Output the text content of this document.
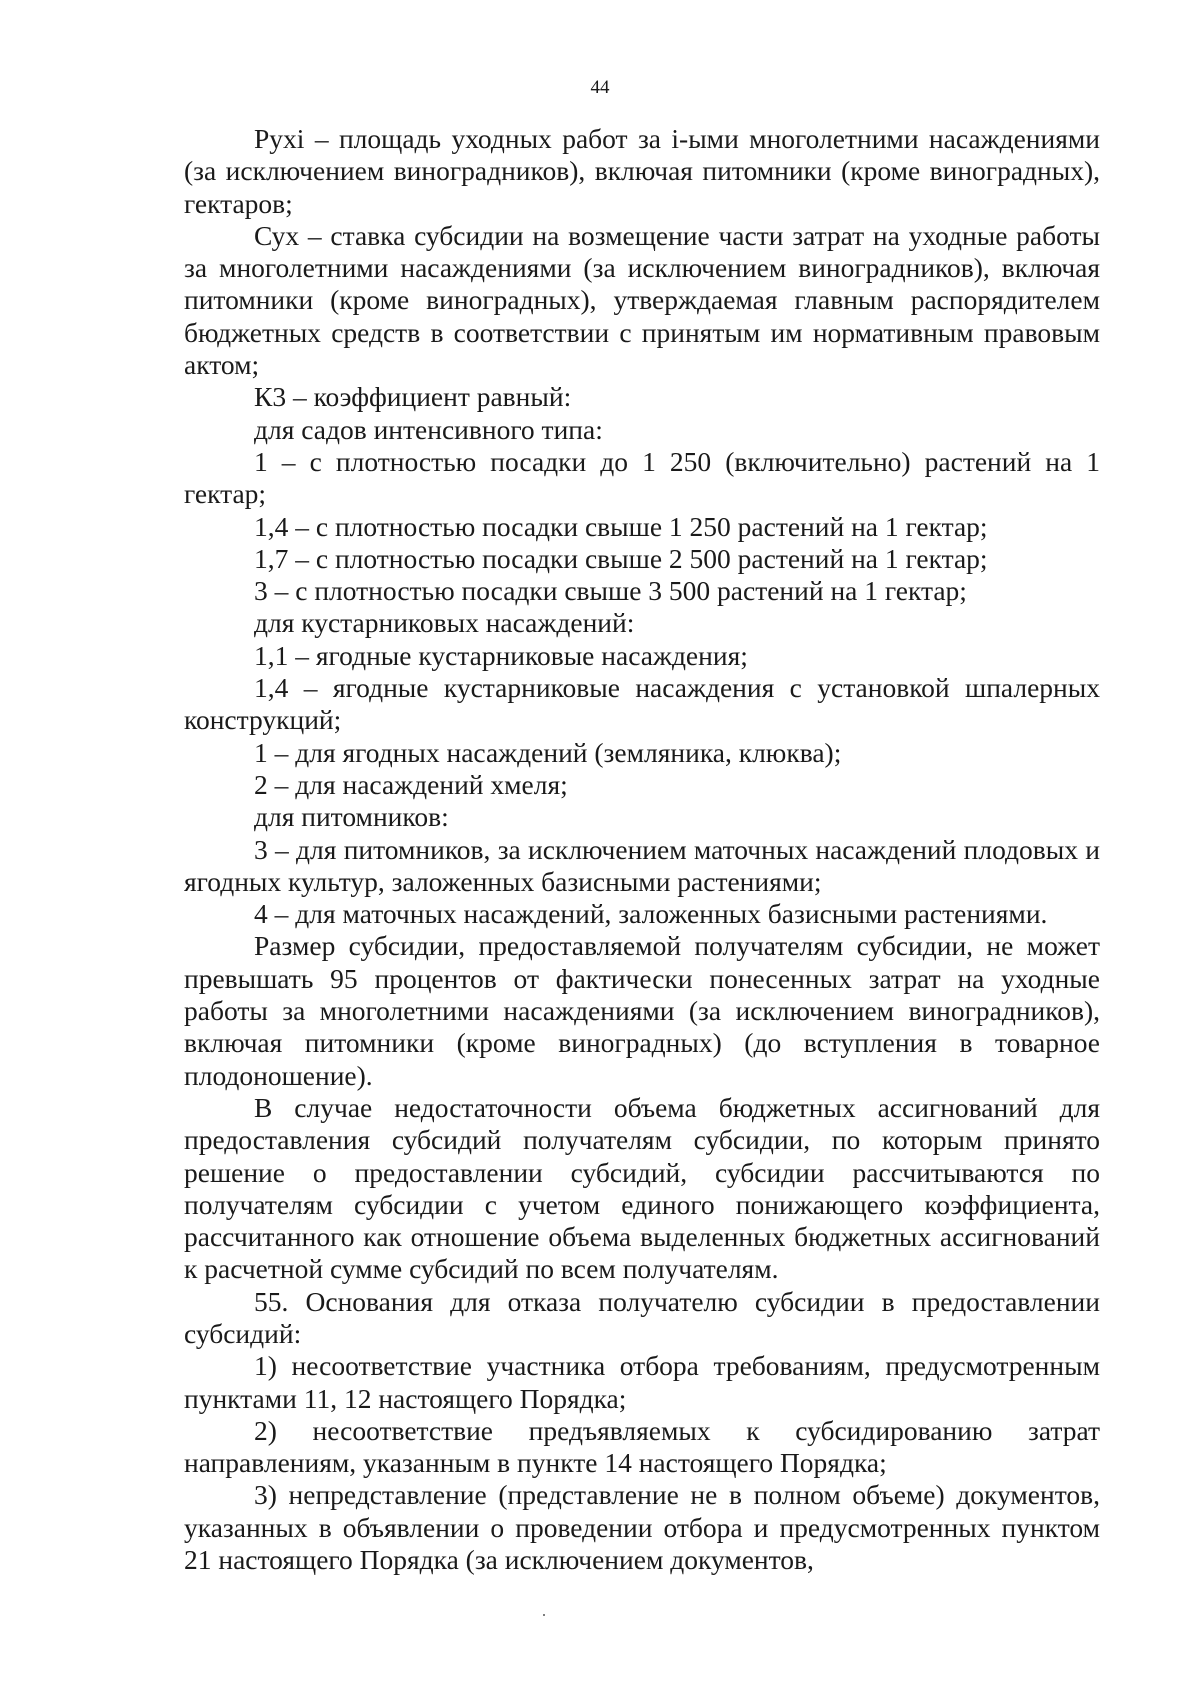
44

Pyxi – площадь уходных работ за i-ыми многолетними насаждениями (за исключением виноградников), включая питомники (кроме виноградных), гектаров;

Сух – ставка субсидии на возмещение части затрат на уходные работы за многолетними насаждениями (за исключением виноградников), включая питомники (кроме виноградных), утверждаемая главным распорядителем бюджетных средств в соответствии с принятым им нормативным правовым актом;

К3 – коэффициент равный:

для садов интенсивного типа:

1 – с плотностью посадки до 1 250 (включительно) растений на 1 гектар;

1,4 – с плотностью посадки свыше 1 250 растений на 1 гектар;

1,7 – с плотностью посадки свыше 2 500 растений на 1 гектар;

3 – с плотностью посадки свыше 3 500 растений на 1 гектар;

для кустарниковых насаждений:

1,1 – ягодные кустарниковые насаждения;

1,4 – ягодные кустарниковые насаждения с установкой шпалерных конструкций;

1 – для ягодных насаждений (земляника, клюква);

2 – для насаждений хмеля;

для питомников:

3 – для питомников, за исключением маточных насаждений плодовых и ягодных культур, заложенных базисными растениями;

4 – для маточных насаждений, заложенных базисными растениями.

Размер субсидии, предоставляемой получателям субсидии, не может превышать 95 процентов от фактически понесенных затрат на уходные работы за многолетними насаждениями (за исключением виноградников), включая питомники (кроме виноградных) (до вступления в товарное плодоношение).

В случае недостаточности объема бюджетных ассигнований для предоставления субсидий получателям субсидии, по которым принято решение о предоставлении субсидий, субсидии рассчитываются по получателям субсидии с учетом единого понижающего коэффициента, рассчитанного как отношение объема выделенных бюджетных ассигнований к расчетной сумме субсидий по всем получателям.

55. Основания для отказа получателю субсидии в предоставлении субсидий:

1) несоответствие участника отбора требованиям, предусмотренным пунктами 11, 12 настоящего Порядка;

2) несоответствие предъявляемых к субсидированию затрат направлениям, указанным в пункте 14 настоящего Порядка;

3) непредставление (представление не в полном объеме) документов, указанных в объявлении о проведении отбора и предусмотренных пунктом 21 настоящего Порядка (за исключением документов,
